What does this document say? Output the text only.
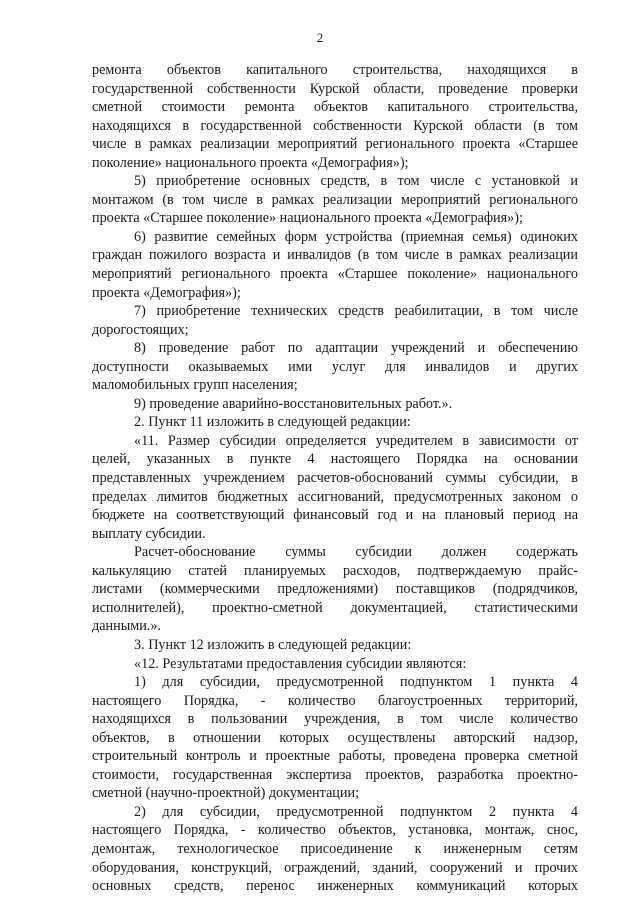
2
ремонта объектов капитального строительства, находящихся в
государственной собственности Курской области, проведение проверки
сметной стоимости ремонта объектов капитального строительства,
находящихся в государственной собственности Курской области (в том
числе в рамках реализации мероприятий регионального проекта «Старшее
поколение» национального проекта «Демография»);
5) приобретение основных средств, в том числе с установкой и
монтажом (в том числе в рамках реализации мероприятий регионального
проекта «Старшее поколение» национального проекта «Демография»);
6) развитие семейных форм устройства (приемная семья) одиноких
граждан пожилого возраста и инвалидов (в том числе в рамках реализации
мероприятий регионального проекта «Старшее поколение» национального
проекта «Демография»);
7) приобретение технических средств реабилитации, в том числе
дорогостоящих;
8) проведение работ по адаптации учреждений и обеспечению
доступности оказываемых ими услуг для инвалидов и других
маломобильных групп населения;
9) проведение аварийно-восстановительных работ.».
2. Пункт 11 изложить в следующей редакции:
«11. Размер субсидии определяется учредителем в зависимости от
целей, указанных в пункте 4 настоящего Порядка на основании
представленных учреждением расчетов-обоснований суммы субсидии, в
пределах лимитов бюджетных ассигнований, предусмотренных законом о
бюджете на соответствующий финансовый год и на плановый период на
выплату субсидии.
Расчет-обоснование суммы субсидии должен содержать
калькуляцию статей планируемых расходов, подтверждаемую прайс-
листами (коммерческими предложениями) поставщиков (подрядчиков,
исполнителей), проектно-сметной документацией, статистическими
данными.».
3. Пункт 12 изложить в следующей редакции:
«12. Результатами предоставления субсидии являются:
1) для субсидии, предусмотренной подпунктом 1 пункта 4
настоящего Порядка, - количество благоустроенных территорий,
находящихся в пользовании учреждения, в том числе количество
объектов, в отношении которых осуществлены авторский надзор,
строительный контроль и проектные работы, проведена проверка сметной
стоимости, государственная экспертиза проектов, разработка проектно-
сметной (научно-проектной) документации;
2) для субсидии, предусмотренной подпунктом 2 пункта 4
настоящего Порядка, - количество объектов, установка, монтаж, снос,
демонтаж, технологическое присоединение к инженерным сетям
оборудования, конструкций, ограждений, зданий, сооружений и прочих
основных средств, перенос инженерных коммуникаций которых
